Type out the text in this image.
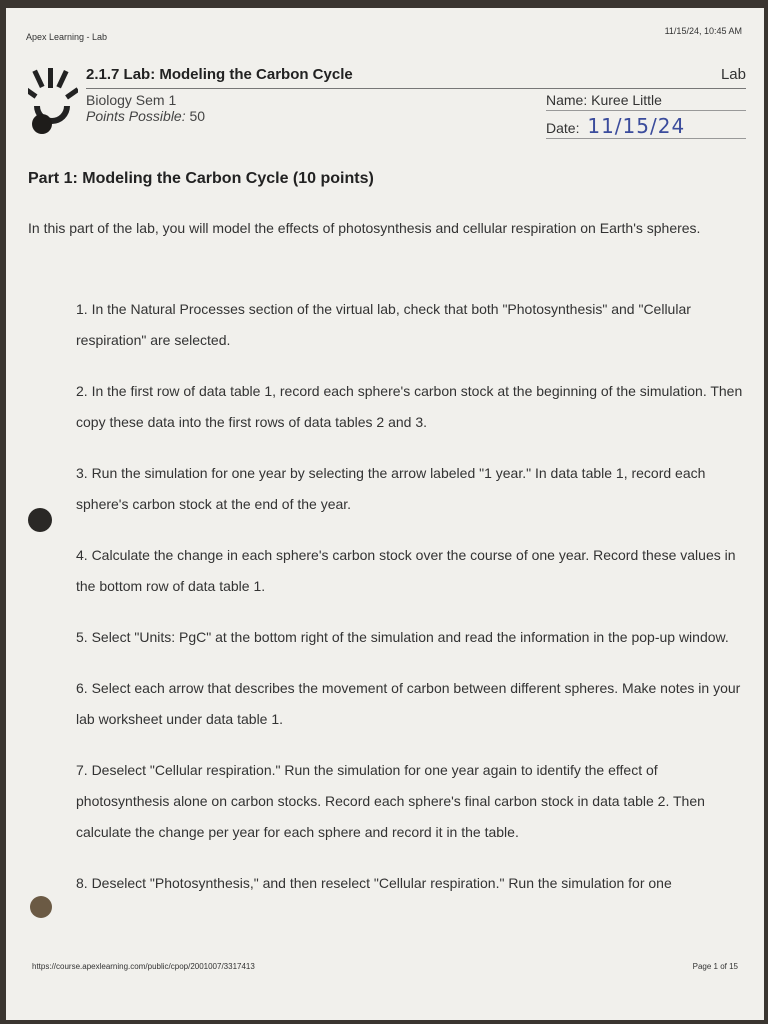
Apex Learning - Lab
11/15/24, 10:45 AM
2.1.7 Lab: Modeling the Carbon Cycle	Lab
Biology Sem 1
Points Possible: 50
Name: Kuree Little
Date: 11/15/24
Part 1: Modeling the Carbon Cycle (10 points)
In this part of the lab, you will model the effects of photosynthesis and cellular respiration on Earth's spheres.
1. In the Natural Processes section of the virtual lab, check that both "Photosynthesis" and "Cellular respiration" are selected.
2. In the first row of data table 1, record each sphere's carbon stock at the beginning of the simulation. Then copy these data into the first rows of data tables 2 and 3.
3. Run the simulation for one year by selecting the arrow labeled "1 year." In data table 1, record each sphere's carbon stock at the end of the year.
4. Calculate the change in each sphere's carbon stock over the course of one year. Record these values in the bottom row of data table 1.
5. Select "Units: PgC" at the bottom right of the simulation and read the information in the pop-up window.
6. Select each arrow that describes the movement of carbon between different spheres. Make notes in your lab worksheet under data table 1.
7. Deselect "Cellular respiration." Run the simulation for one year again to identify the effect of photosynthesis alone on carbon stocks. Record each sphere's final carbon stock in data table 2. Then calculate the change per year for each sphere and record it in the table.
8. Deselect "Photosynthesis," and then reselect "Cellular respiration." Run the simulation for one
https://course.apexlearning.com/public/cpop/2001007/3317413	Page 1 of 15
